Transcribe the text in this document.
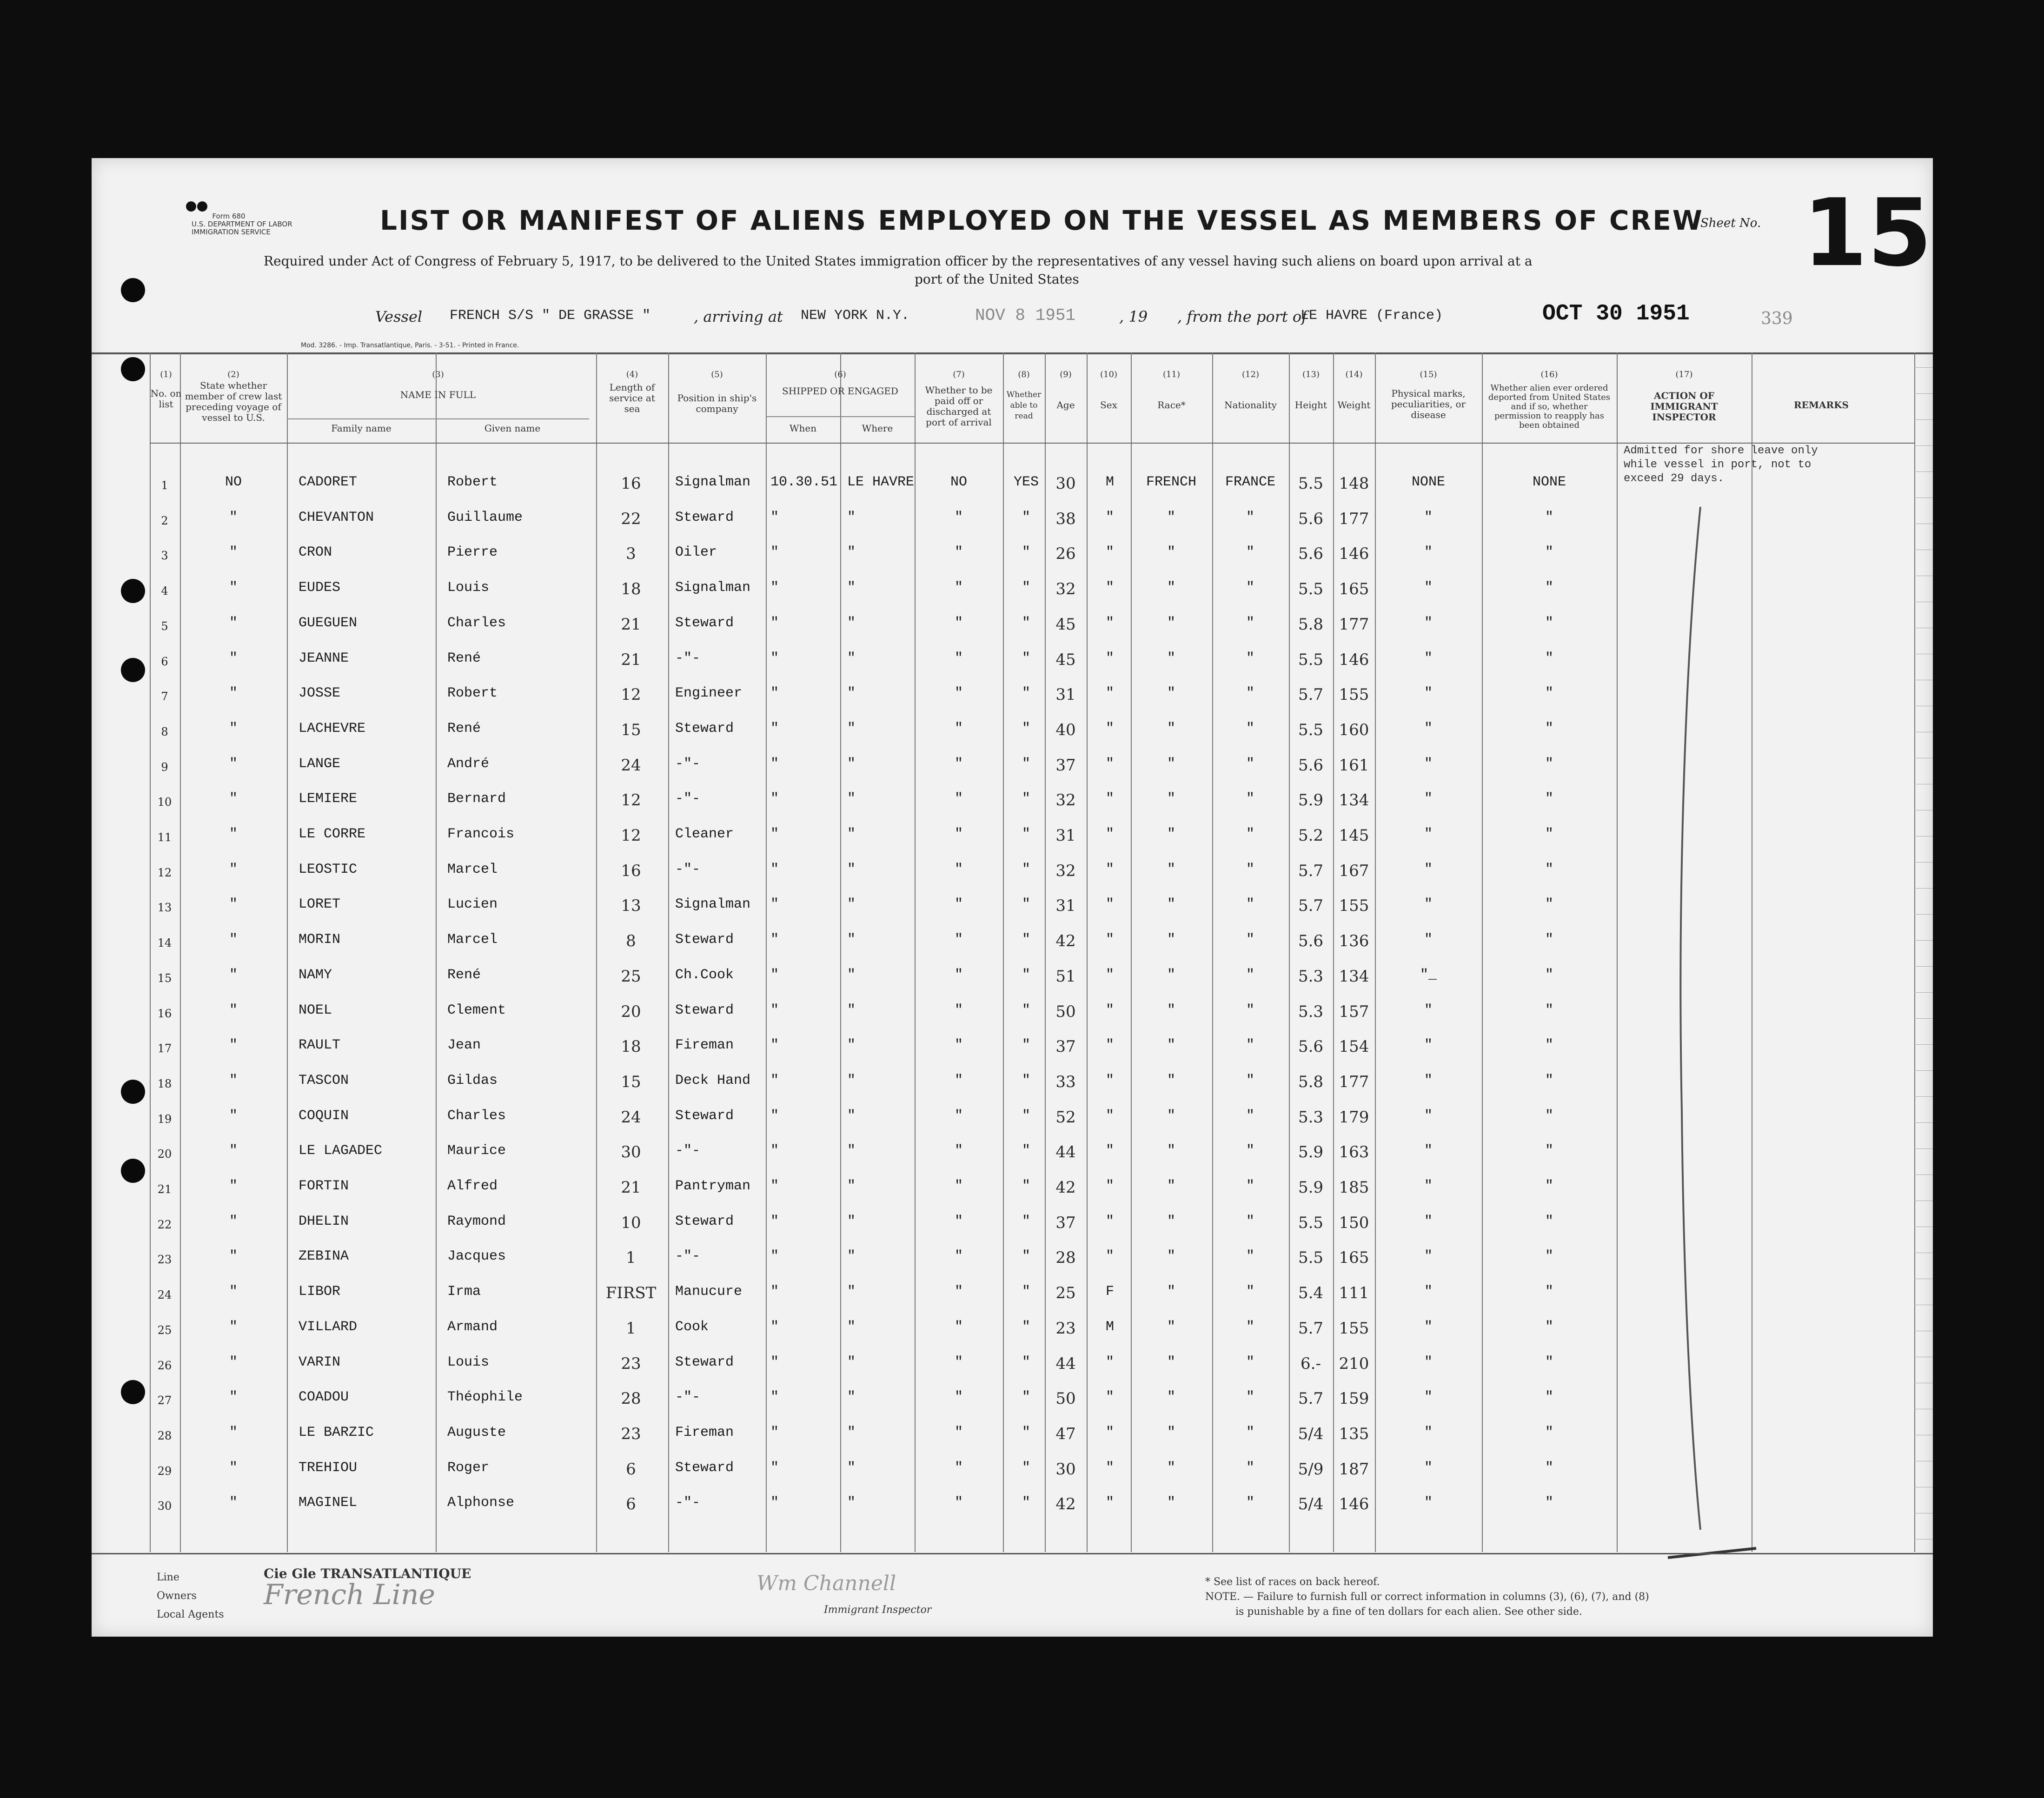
Form 680
U.S. DEPARTMENT OF LABOR
IMMIGRATION SERVICE	LIST OR MANIFEST OF ALIENS EMPLOYED ON THE VESSEL AS MEMBERS OF CREW
Sheet No. 15
Required under Act of Congress of February 5, 1917, to be delivered to the United States immigration officer by the representatives of any vessel having such aliens on board upon arrival at a
port of the United States
Vessel FRENCH S/S " DE GRASSE "	, arriving at NEW YORK N.Y.	NOV 8 1951	, 19 , from the port of
LE HAVRE (France)	OCT 30 1951	339
Mod. 3286. - Imp. Transatlantique, Paris. - 3-51. - Printed in France.
(1)
No. on list
(2)
State whether member of crew last preceding voyage of vessel to U.S.
(3)
NAME IN FULL
Family name	Given name
(4)
Length of service at sea
(5)
Position in ship's company
(6)
SHIPPED OR ENGAGED
When	Where
(7)
Whether to be paid off or discharged at port of arrival
(8)
Whether able to read
(9)
Age
(10)
Sex
(11)
Race*
(12)
Nationality
(13)
Height
(14)
Weight
(15)
Physical marks, peculiarities, or disease
(16)
Whether alien ever ordered deported from United States and if so, whether permission to reapply has been obtained
(17)
ACTION OF IMMIGRANT INSPECTOR
REMARKS
Admitted for shore leave only while vessel in port, not to exceed 29 days.
1	NO	CADORET	Robert	16	Signalman 10.30.51 LE HAVRE	NO	YES	30	M	FRENCH	FRANCE	5.5 148	NONE	NONE
2	"	CHEVANTON	Guillaume	22	Steward	"	"	"	"	38	"	"	"	5.6 177	"	"
3	"	CRON	Pierre	3	Oiler	"	"	"	"	26	"	"	"	5.6 146	"	"
4	"	EUDES	Louis	18	Signalman "	"	"	"	32	"	"	"	5.5 165	"	"
5	"	GUEGUEN	Charles	21	Steward	"	"	"	"	45	"	"	"	5.8 177	"	"
6	"	JEANNE	René	21	-"-	"	"	"	"	45	"	"	"	5.5 146	"	"
7	"	JOSSE	Robert	12	Engineer "	"	"	"	31	"	"	"	5.7 155	"	"
8	"	LACHEVRE	René	15	Steward	"	"	"	"	40	"	"	"	5.5 160	"	"
9	"	LANGE	André	24	-"-	"	"	"	"	37	"	"	"	5.6 161	"	"
10	"	LEMIERE	Bernard	12	-"-	"	"	"	"	32	"	"	"	5.9 134	"	"
11	"	LE CORRE	Francois	12	Cleaner	"	"	"	"	31	"	"	"	5.2 145	"	"
12	"	LEOSTIC	Marcel	16	-"-	"	"	"	"	32	"	"	"	5.7 167	"	"
13	"	LORET	Lucien	13	Signalman "	"	"	"	31	"	"	"	5.7 155	"	"
14	"	MORIN	Marcel	8	Steward	"	"	"	"	42	"	"	"	5.6 136	"	"
15	"	NAMY	René	25	Ch.Cook	"	"	"	"	51	"	"	"	5.3 134	"_	"
16	"	NOEL	Clement	20	Steward	"	"	"	"	50	"	"	"	5.3 157	"	"
17	"	RAULT	Jean	18	Fireman	"	"	"	"	37	"	"	"	5.6 154	"	"
18	"	TASCON	Gildas	15	Deck Hand "	"	"	"	33	"	"	"	5.8 177	"	"
19	"	COQUIN	Charles	24	Steward	"	"	"	"	52	"	"	"	5.3 179	"	"
20	"	LE LAGADEC	Maurice	30	-"-	"	"	"	"	44	"	"	"	5.9 163	"	"
21	"	FORTIN	Alfred	21	Pantryman "	"	"	"	42	"	"	"	5.9 185	"	"
22	"	DHELIN	Raymond	10	Steward	"	"	"	"	37	"	"	"	5.5 150	"	"
23	"	ZEBINA	Jacques	1	-"-	"	"	"	"	28	"	"	"	5.5 165	"	"
24	"	LIBOR	Irma	FIRST	Manucure "	"	"	"	25	F	"	"	5.4 111	"	"
25	"	VILLARD	Armand	1	Cook	"	"	"	"	23	M	"	"	5.7 155	"	"
26	"	VARIN	Louis	23	Steward	"	"	"	"	44	"	"	"	6.-	210	"	"
27	"	COADOU	Théophile	28	-"-	"	"	"	"	50	"	"	"	5.7 159	"	"
28	"	LE BARZIC	Auguste	23	Fireman	"	"	"	"	47	"	"	"	5/4 135	"	"
29	"	TREHIOU	Roger	6	Steward	"	"	"	"	30	"	"	"	5/9 187	"	"
30	"	MAGINEL	Alphonse	6	-"-	"	"	"	"	42	"	"	"	5/4 146	"	"
Line	Cie Gle TRANSATLANTIQUE
Owners French Line
Local Agents
Wm Channell
Immigrant Inspector
* See list of races on back hereof.
NOTE. — Failure to furnish full or correct information in columns (3), (6), (7), and (8)
is punishable by a fine of ten dollars for each alien. See other side.
